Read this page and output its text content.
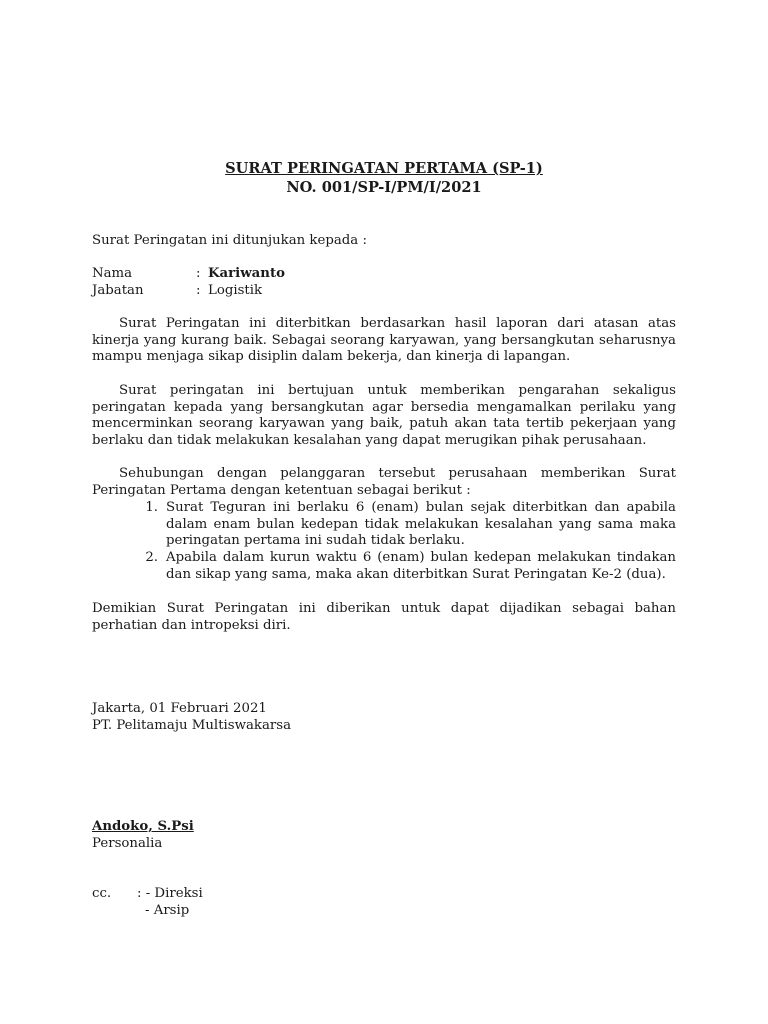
SURAT PERINGATAN PERTAMA (SP-1)
NO. 001/SP-I/PM/I/2021
Surat Peringatan ini ditunjukan kepada :
Nama	: Kariwanto
Jabatan	: Logistik
Surat Peringatan ini diterbitkan berdasarkan hasil laporan dari atasan atas kinerja yang kurang baik. Sebagai seorang karyawan, yang bersangkutan seharusnya mampu menjaga sikap disiplin dalam bekerja, dan kinerja di lapangan.
Surat peringatan ini bertujuan untuk memberikan pengarahan sekaligus peringatan kepada yang bersangkutan agar bersedia mengamalkan perilaku yang mencerminkan seorang karyawan yang baik, patuh akan tata tertib pekerjaan yang berlaku dan tidak melakukan kesalahan yang dapat merugikan pihak perusahaan.
Sehubungan dengan pelanggaran tersebut perusahaan memberikan Surat Peringatan Pertama dengan ketentuan sebagai berikut :
1. Surat Teguran ini berlaku 6 (enam) bulan sejak diterbitkan dan apabila dalam enam bulan kedepan tidak melakukan kesalahan yang sama maka peringatan pertama ini sudah tidak berlaku.
2. Apabila dalam kurun waktu 6 (enam) bulan kedepan melakukan tindakan dan sikap yang sama, maka akan diterbitkan Surat Peringatan Ke-2 (dua).
Demikian Surat Peringatan ini diberikan untuk dapat dijadikan sebagai bahan perhatian dan intropeksi diri.
Jakarta, 01 Februari 2021
PT. Pelitamaju Multiswakarsa
Andoko, S.Psi
Personalia
cc. : - Direksi
- Arsip
